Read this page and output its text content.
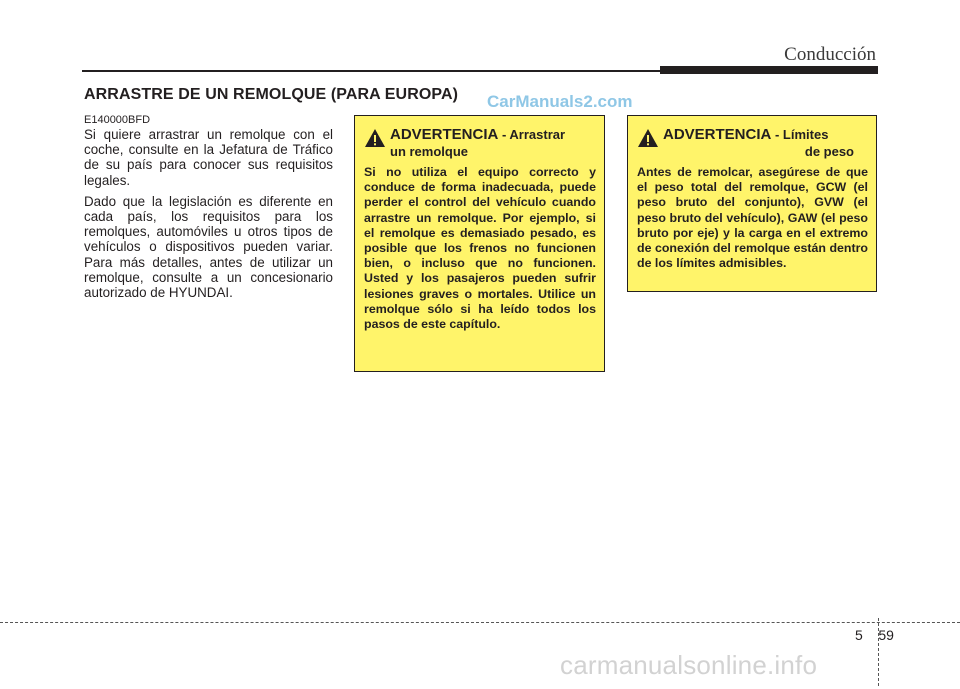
Conducción
ARRASTRE DE UN REMOLQUE (PARA EUROPA) CarManuals2.com
E140000BFD

Si quiere arrastrar un remolque con el coche, consulte en la Jefatura de Tráfico de su país para conocer sus requisitos legales.

Dado que la legislación es diferente en cada país, los requisitos para los remolques, automóviles u otros tipos de vehículos o dispositivos pueden variar. Para más detalles, antes de utilizar un remolque, consulte a un concesionario autorizado de HYUNDAI.

ADVERTENCIA - Arrastrar
un remolque
Si no utiliza el equipo correcto y conduce de forma inadecuada, puede perder el control del vehículo cuando arrastre un remolque. Por ejemplo, si el remolque es demasiado pesado, es posible que los frenos no funcionen bien, o incluso que no funcionen. Usted y los pasajeros pueden sufrir lesiones graves o mortales. Utilice un remolque sólo si ha leído todos los pasos de este capítulo.
ADVERTENCIA - Límites
de peso
Antes de remolcar, asegúrese de que el peso total del remolque, GCW (el peso bruto del conjunto), GVW (el peso bruto del vehículo), GAW (el peso bruto por eje) y la carga en el extremo de conexión del remolque están dentro de los límites admisibles.
5 59
carmanualsonline.info
